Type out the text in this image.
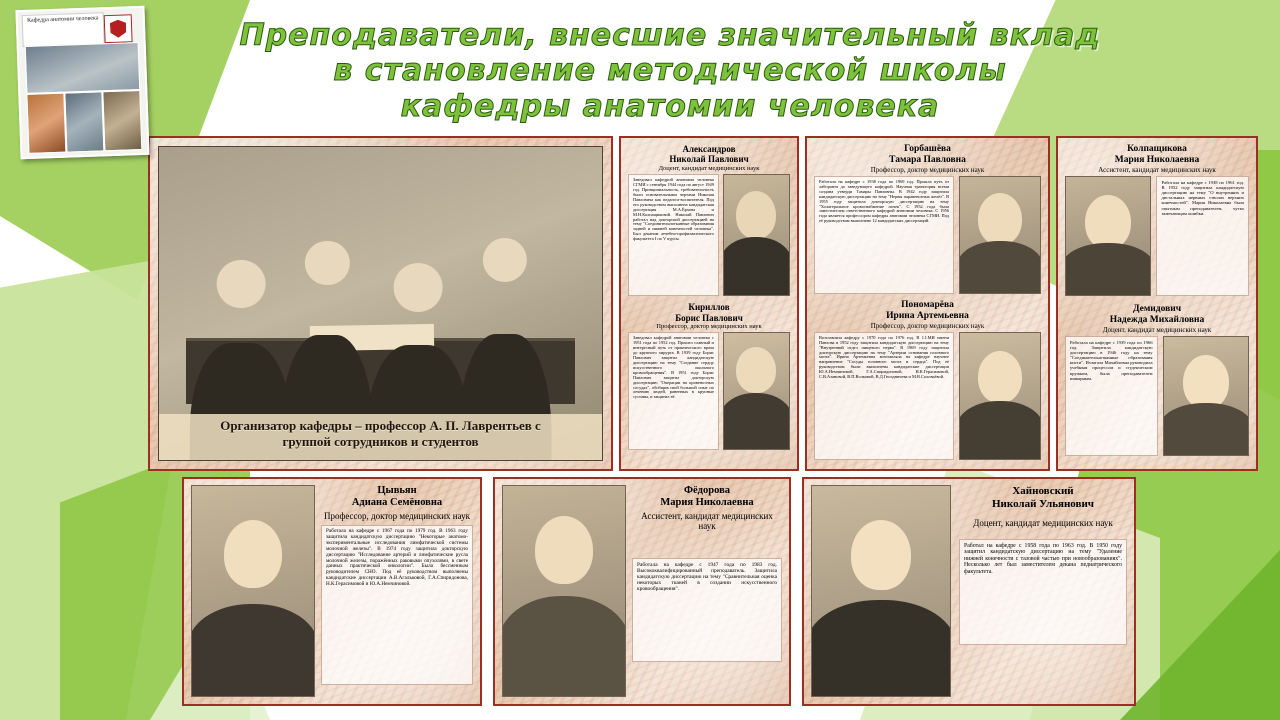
Кафедра анатомии человека	Преподаватели, внесшие значительный вклад
в становление методической школы
кафедры анатомии человека
Организатор кафедры – профессор А. П. Лаврентьев с
группой сотрудников и студентов
Александров
Николай Павлович
Доцент, кандидат медицинских наук
Заведовал кафедрой анатомии человека СГМИ с сентября 1944 года по август 1949 год. Принципиальность, требовательность были основательными чертами Николая Павловича как педагога-воспитателя. Под его руководством выполнена кандидатская диссертация М.А.Ёрхова и М.Н.Колпащиковой. Николай Павлович работал над докторской диссертацией на тему "Соединительнотканные образования задней и нижней конечностей человека". Был деканом лечебно-профилактического факультета I по V курсы.
Кириллов
Борис Павлович
Профессор, доктор медицинских наук
Заведовал кафедрой анатомии человека с 1951 года по 1952 год. Прошел славный и интересный путь от практического врача до крупного хирурга. В 1939 году Борис Павлович защитил кандидатскую диссертацию на тему "Создание сердцу искусственного окольного кровообращения". В 1951 году Борис Павлович защитил докторскую диссертацию "Операции на кровеносных сосудах", обобщив свой большой опыт по лечению людей, раненных в крупные суставы, и защитил её.
Горбашёва
Тамара Павловна
Профессор, доктор медицинских наук
Работала на кафедре с 1938 года по 1969 год. Прошла путь от лаборанта до заведующего кафедрой. Научная траектория всеми создана утверди Тамары Павловны. В 1942 году защитила кандидатскую диссертацию на тему "Нервы паравенозных желёз". В 1955 году защитила докторскую диссертацию на тему "Холатеральное кровоснабжение почек". С 1952 года была заместителем ответственного кафедрой анатомии человека. С 1956 года является профессором кафедры анатомии человека СГМИ. Под её руководством выполнено 12 кандидатских диссертаций.
Пономарёва
Ирина Артемьевна
Профессор, доктор медицинских наук
Возглавляла кафедру с 1970 года по 1976 год. В 1.I.МИ имени Павлова в 1952 году защитила кандидатскую диссертацию на тему "Внутренний отдел пищевого нерва". В 1969 году защитила докторскую диссертацию на тему "Артерии основания головного мозга". Ирина Артемьевна возглавляла на кафедре научное направление "Сосуды головного мозга и сердца". Под её руководством были выполнены кандидатские диссертации Ю.А.Немчиновой, Г.А.Спиридоновой, Н.К.Герасимовой, С.В.Азановой, В.П.Волковой, В.Д.Гноздничева и М.В.Соловьёвой.
Колпащикова
Мария Николаевна
Ассистент, кандидат медицинских наук
Работала на кафедре с 1938 по 1961 год. В 1952 году защитила кандидатскую диссертацию на тему "О внутренних и дистальных нервных стволах верхних конечностей". Мария Николаевна была опытным преподавателем, чутко замечающим ошибки.
Демидович
Надежда Михайловна
Доцент, кандидат медицинских наук
Работала на кафедре с 1939 года по 1966 год. Защитила кандидатскую диссертацию в 1946 году на тему "Соединительнотканные образования кисти". Излагала Михайловна руководила учебным процессом и студенческим кружком, была преподавателем шикарным.
Цывьян
Адиана Семёновна
Профессор, доктор медицинских наук
Работала на кафедре с 1967 года по 1979 год. В 1963 году защитила кандидатскую диссертацию "Некоторые анатомо-экспериментальные исследования лимфатической системы молочной железы". В 1974 году защитила докторскую диссертацию "Исследование артерий и лимфатические русла молочной железы, поражённых раковыми опухолями, в свете данных практической онкологии". Была бессменным руководителем СНО. Под её руководством выполнены кандидатские диссертации А.В.Агальковой, Г.А.Спиридонова, Н.К.Герасимовой и Ю.А.Немчиновой.
Фёдорова
Мария Николаевна
Ассистент, кандидат медицинских наук
Работала на кафедре с 1947 года по 1983 год. Высококвалифицированный преподаватель. Защитила кандидатскую диссертацию на тему "Сравнительная оценка некоторых тканей в создании искусственного кровообращения".
Хайновский
Николай Ульянович
Доцент, кандидат медицинских наук
Работал на кафедре с 1958 года по 1963 год. В 1950 году защитил кандидатскую диссертацию на тему "Удаление нижней конечности с тазовой частью при новообразованиях". Несколько лет был заместителем декана педиатрического факультета.
